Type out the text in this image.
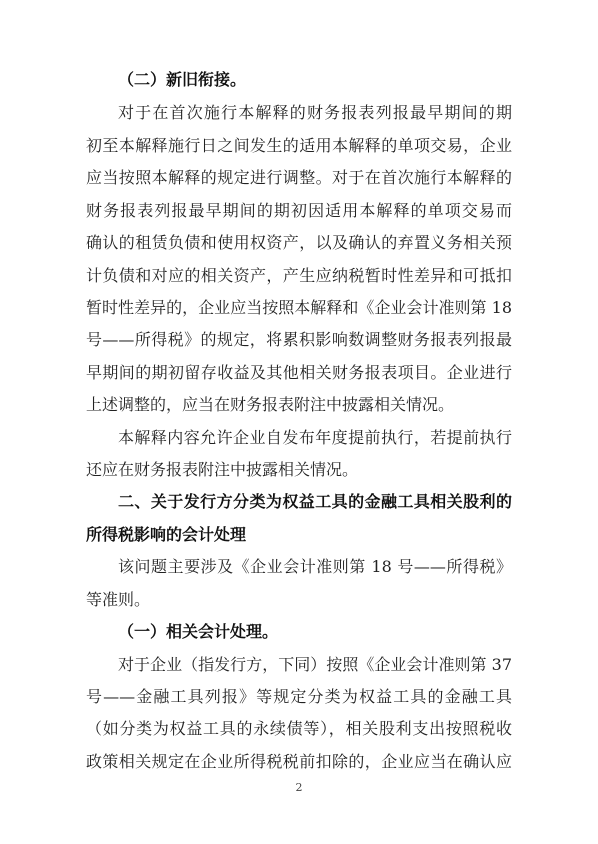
（二）新旧衔接。
对于在首次施行本解释的财务报表列报最早期间的期
初至本解释施行日之间发生的适用本解释的单项交易，企业
应当按照本解释的规定进行调整。对于在首次施行本解释的
财务报表列报最早期间的期初因适用本解释的单项交易而
确认的租赁负债和使用权资产，以及确认的弃置义务相关预
计负债和对应的相关资产，产生应纳税暂时性差异和可抵扣
暂时性差异的，企业应当按照本解释和《企业会计准则第 18
号——所得税》的规定，将累积影响数调整财务报表列报最
早期间的期初留存收益及其他相关财务报表项目。企业进行
上述调整的，应当在财务报表附注中披露相关情况。
本解释内容允许企业自发布年度提前执行，若提前执行
还应在财务报表附注中披露相关情况。
二、关于发行方分类为权益工具的金融工具相关股利的
所得税影响的会计处理
该问题主要涉及《企业会计准则第 18 号——所得税》
等准则。
（一）相关会计处理。
对于企业（指发行方，下同）按照《企业会计准则第 37
号——金融工具列报》等规定分类为权益工具的金融工具
（如分类为权益工具的永续债等），相关股利支出按照税收
政策相关规定在企业所得税税前扣除的，企业应当在确认应
2
